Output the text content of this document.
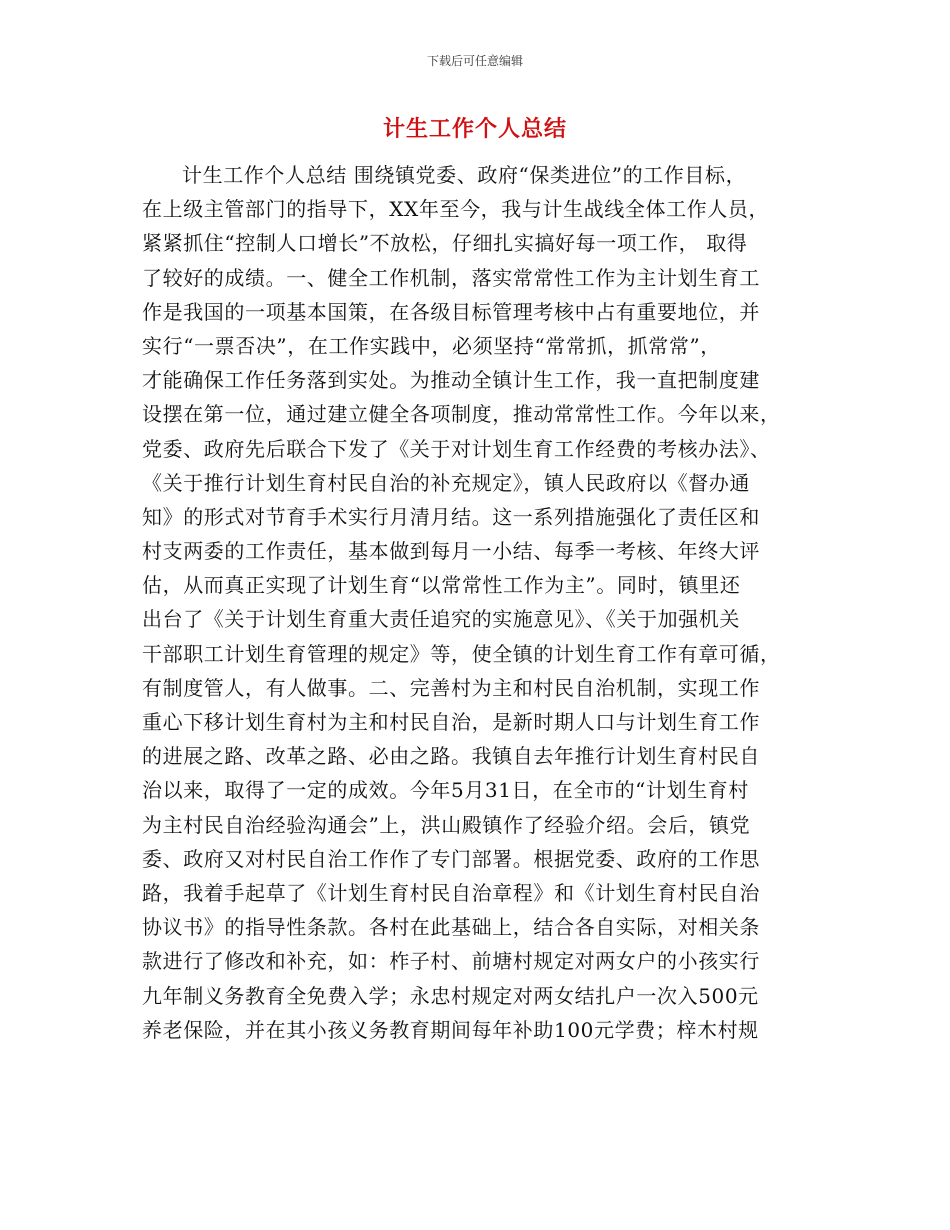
下载后可任意编辑
计生工作个人总结
计生工作个人总结 围绕镇党委、政府“保类进位”的工作目标，
在上级主管部门的指导下，XX年至今，我与计生战线全体工作人员，
紧紧抓住“控制人口增长”不放松，仔细扎实搞好每一项工作， 取得
了较好的成绩。一、健全工作机制，落实常常性工作为主计划生育工
作是我国的一项基本国策，在各级目标管理考核中占有重要地位，并
实行“一票否决”，在工作实践中，必须坚持“常常抓，抓常常”，
才能确保工作任务落到实处。为推动全镇计生工作，我一直把制度建
设摆在第一位，通过建立健全各项制度，推动常常性工作。今年以来，
党委、政府先后联合下发了《关于对计划生育工作经费的考核办法》、
《关于推行计划生育村民自治的补充规定》，镇人民政府以《督办通
知》的形式对节育手术实行月清月结。这一系列措施强化了责任区和
村支两委的工作责任，基本做到每月一小结、每季一考核、年终大评
估，从而真正实现了计划生育“以常常性工作为主”。同时，镇里还
出台了《关于计划生育重大责任追究的实施意见》、《关于加强机关
干部职工计划生育管理的规定》等，使全镇的计划生育工作有章可循，
有制度管人，有人做事。二、完善村为主和村民自治机制，实现工作
重心下移计划生育村为主和村民自治，是新时期人口与计划生育工作
的进展之路、改革之路、必由之路。我镇自去年推行计划生育村民自
治以来，取得了一定的成效。今年5月31日，在全市的“计划生育村
为主村民自治经验沟通会”上，洪山殿镇作了经验介绍。会后，镇党
委、政府又对村民自治工作作了专门部署。根据党委、政府的工作思
路，我着手起草了《计划生育村民自治章程》和《计划生育村民自治
协议书》的指导性条款。各村在此基础上，结合各自实际，对相关条
款进行了修改和补充，如：柞子村、前塘村规定对两女户的小孩实行
九年制义务教育全免费入学；永忠村规定对两女结扎户一次入500元
养老保险，并在其小孩义务教育期间每年补助100元学费；梓木村规
